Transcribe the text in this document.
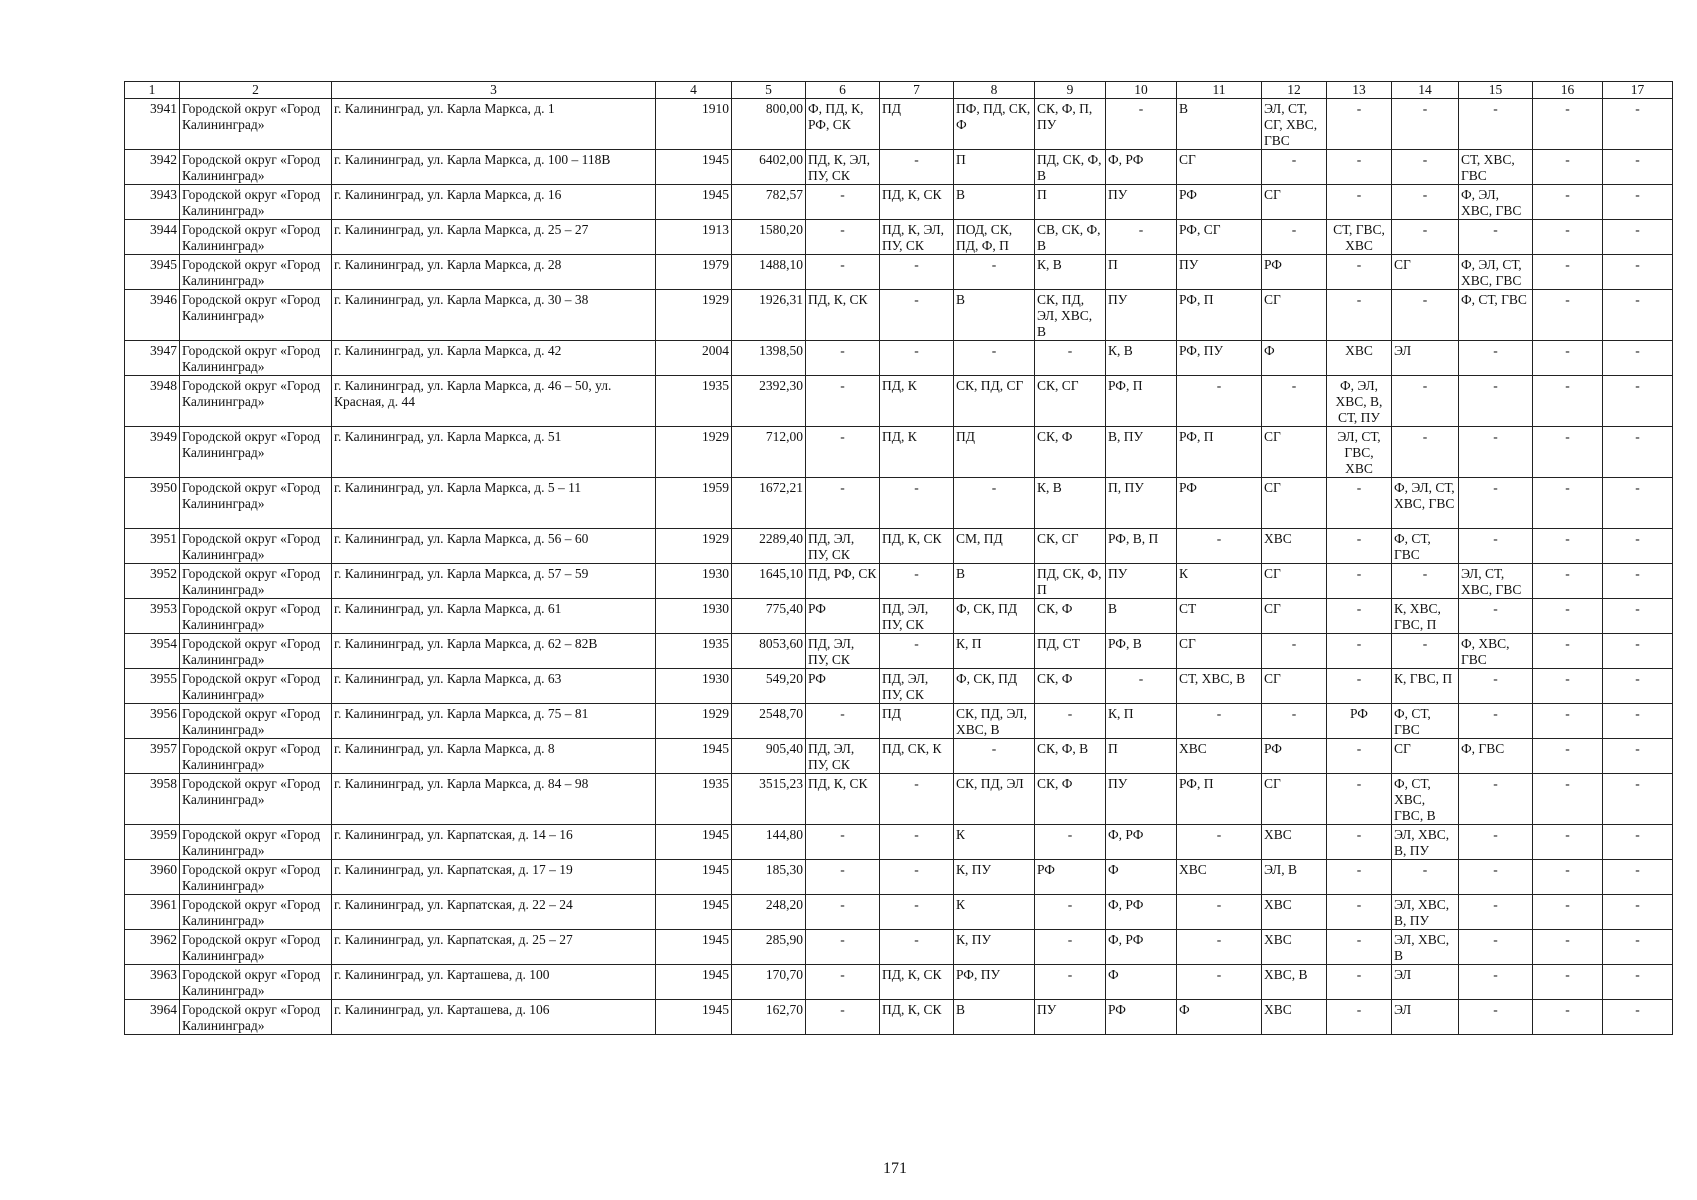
1	2	3	4	5	6	7	8	9	10	11	12	13	14	15	16	17
3941	Городской округ «Город Калининград»	г. Калининград, ул. Карла Маркса, д. 1	1910	800,00	Ф, ПД, К, РФ, СК	ПД	ПФ, ПД, СК, Ф	СК, Ф, П, ПУ	-	В	ЭЛ, СТ, СГ, ХВС, ГВС	-	-	-	-	-
3942	Городской округ «Город Калининград»	г. Калининград, ул. Карла Маркса, д. 100 – 118В	1945	6402,00	ПД, К, ЭЛ, ПУ, СК	-	П	ПД, СК, Ф, В	Ф, РФ	СГ	-	-	-	СТ, ХВС, ГВС	-	-
3943	Городской округ «Город Калининград»	г. Калининград, ул. Карла Маркса, д. 16	1945	782,57	-	ПД, К, СК	В	П	ПУ	РФ	СГ	-	-	Ф, ЭЛ, ХВС, ГВС	-	-
3944	Городской округ «Город Калининград»	г. Калининград, ул. Карла Маркса, д. 25 – 27	1913	1580,20	-	ПД, К, ЭЛ, ПУ, СК	ПОД, СК, ПД, Ф, П	СВ, СК, Ф, В	-	РФ, СГ	-	СТ, ГВС, ХВС	-	-	-	-
3945	Городской округ «Город Калининград»	г. Калининград, ул. Карла Маркса, д. 28	1979	1488,10	-	-	-	К, В	П	ПУ	РФ	-	СГ	Ф, ЭЛ, СТ, ХВС, ГВС	-	-
3946	Городской округ «Город Калининград»	г. Калининград, ул. Карла Маркса, д. 30 – 38	1929	1926,31	ПД, К, СК	-	В	СК, ПД, ЭЛ, ХВС, В	ПУ	РФ, П	СГ	-	-	Ф, СТ, ГВС	-	-
3947	Городской округ «Город Калининград»	г. Калининград, ул. Карла Маркса, д. 42	2004	1398,50	-	-	-	-	К, В	РФ, ПУ	Ф	ХВС	ЭЛ	-	-	-
3948	Городской округ «Город Калининград»	г. Калининград, ул. Карла Маркса, д. 46 – 50, ул. Красная, д. 44	1935	2392,30	-	ПД, К	СК, ПД, СГ	СК, СГ	РФ, П	-	-	Ф, ЭЛ, ХВС, В, СТ, ПУ	-	-	-	-
3949	Городской округ «Город Калининград»	г. Калининград, ул. Карла Маркса, д. 51	1929	712,00	-	ПД, К	ПД	СК, Ф	В, ПУ	РФ, П	СГ	ЭЛ, СТ, ГВС, ХВС	-	-	-	-
3950	Городской округ «Город Калининград»	г. Калининград, ул. Карла Маркса, д. 5 – 11	1959	1672,21	-	-	-	К, В	П, ПУ	РФ	СГ	-	Ф, ЭЛ, СТ, ХВС, ГВС	-	-	-
3951	Городской округ «Город Калининград»	г. Калининград, ул. Карла Маркса, д. 56 – 60	1929	2289,40	ПД, ЭЛ, ПУ, СК	ПД, К, СК	СМ, ПД	СК, СГ	РФ, В, П	-	ХВС	-	Ф, СТ, ГВС	-	-	-
3952	Городской округ «Город Калининград»	г. Калининград, ул. Карла Маркса, д. 57 – 59	1930	1645,10	ПД, РФ, СК	-	В	ПД, СК, Ф, П	ПУ	К	СГ	-	-	ЭЛ, СТ, ХВС, ГВС	-	-
3953	Городской округ «Город Калининград»	г. Калининград, ул. Карла Маркса, д. 61	1930	775,40	РФ	ПД, ЭЛ, ПУ, СК	Ф, СК, ПД	СК, Ф	В	СТ	СГ	-	К, ХВС, ГВС, П	-	-	-
3954	Городской округ «Город Калининград»	г. Калининград, ул. Карла Маркса, д. 62 – 82В	1935	8053,60	ПД, ЭЛ, ПУ, СК	-	К, П	ПД, СТ	РФ, В	СГ	-	-	-	Ф, ХВС, ГВС	-	-
3955	Городской округ «Город Калининград»	г. Калининград, ул. Карла Маркса, д. 63	1930	549,20	РФ	ПД, ЭЛ, ПУ, СК	Ф, СК, ПД	СК, Ф	-	СТ, ХВС, В	СГ	-	К, ГВС, П	-	-	-
3956	Городской округ «Город Калининград»	г. Калининград, ул. Карла Маркса, д. 75 – 81	1929	2548,70	-	ПД	СК, ПД, ЭЛ, ХВС, В	-	К, П	-	-	РФ	Ф, СТ, ГВС	-	-	-
3957	Городской округ «Город Калининград»	г. Калининград, ул. Карла Маркса, д. 8	1945	905,40	ПД, ЭЛ, ПУ, СК	ПД, СК, К	-	СК, Ф, В	П	ХВС	РФ	-	СГ	Ф, ГВС	-	-
3958	Городской округ «Город Калининград»	г. Калининград, ул. Карла Маркса, д. 84 – 98	1935	3515,23	ПД, К, СК	-	СК, ПД, ЭЛ	СК, Ф	ПУ	РФ, П	СГ	-	Ф, СТ, ХВС, ГВС, В	-	-	-
3959	Городской округ «Город Калининград»	г. Калининград, ул. Карпатская, д. 14 – 16	1945	144,80	-	-	К	-	Ф, РФ	-	ХВС	-	ЭЛ, ХВС, В, ПУ	-	-	-
3960	Городской округ «Город Калининград»	г. Калининград, ул. Карпатская, д. 17 – 19	1945	185,30	-	-	К, ПУ	РФ	Ф	ХВС	ЭЛ, В	-	-	-	-	-
3961	Городской округ «Город Калининград»	г. Калининград, ул. Карпатская, д. 22 – 24	1945	248,20	-	-	К	-	Ф, РФ	-	ХВС	-	ЭЛ, ХВС, В, ПУ	-	-	-
3962	Городской округ «Город Калининград»	г. Калининград, ул. Карпатская, д. 25 – 27	1945	285,90	-	-	К, ПУ	-	Ф, РФ	-	ХВС	-	ЭЛ, ХВС, В	-	-	-
3963	Городской округ «Город Калининград»	г. Калининград, ул. Карташева, д. 100	1945	170,70	-	ПД, К, СК	РФ, ПУ	-	Ф	-	ХВС, В	-	ЭЛ	-	-	-
3964	Городской округ «Город Калининград»	г. Калининград, ул. Карташева, д. 106	1945	162,70	-	ПД, К, СК	В	ПУ	РФ	Ф	ХВС	-	ЭЛ	-	-	-
171
